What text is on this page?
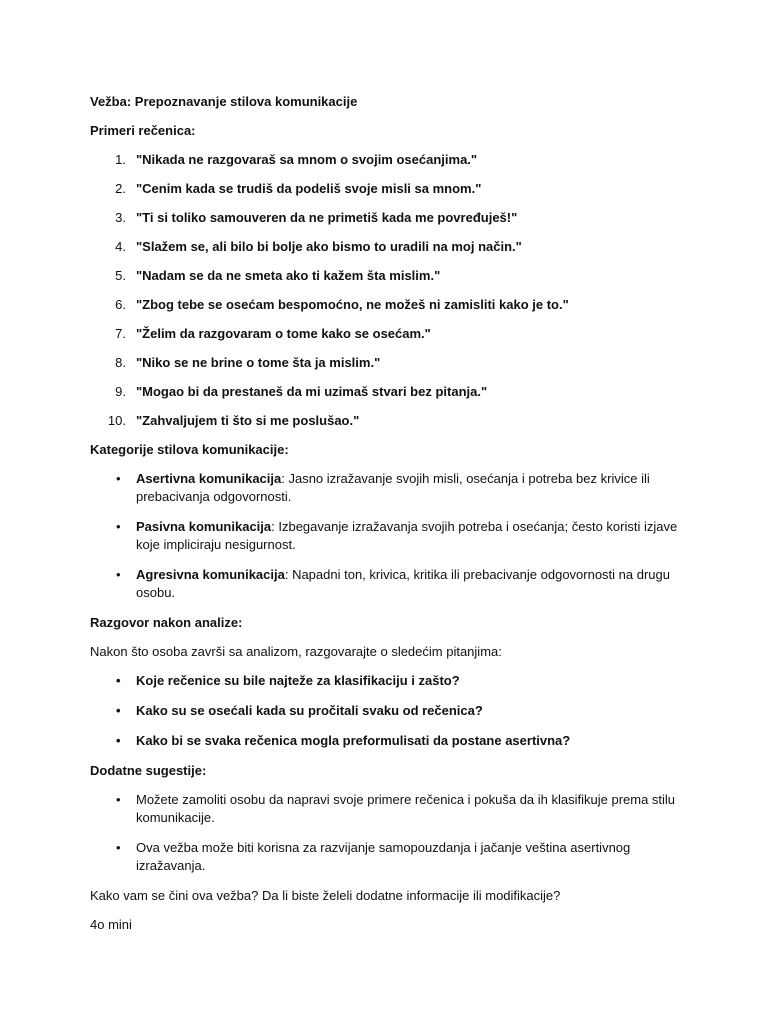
Vežba: Prepoznavanje stilova komunikacije

Primeri rečenica:

1. "Nikada ne razgovaraš sa mnom o svojim osećanjima."
2. "Cenim kada se trudiš da podeliš svoje misli sa mnom."
3. "Ti si toliko samouveren da ne primetiš kada me povređuješ!"
4. "Slažem se, ali bilo bi bolje ako bismo to uradili na moj način."
5. "Nadam se da ne smeta ako ti kažem šta mislim."
6. "Zbog tebe se osećam bespomoćno, ne možeš ni zamisliti kako je to."
7. "Želim da razgovaram o tome kako se osećam."
8. "Niko se ne brine o tome šta ja mislim."
9. "Mogao bi da prestaneš da mi uzimaš stvari bez pitanja."
10. "Zahvaljujem ti što si me poslušao."

Kategorije stilova komunikacije:

• Asertivna komunikacija: Jasno izražavanje svojih misli, osećanja i potreba bez krivice ili prebacivanja odgovornosti.
• Pasivna komunikacija: Izbegavanje izražavanja svojih potreba i osećanja; često koristi izjave koje impliciraju nesigurnost.
• Agresivna komunikacija: Napadni ton, krivica, kritika ili prebacivanje odgovornosti na drugu osobu.

Razgovor nakon analize:

Nakon što osoba završi sa analizom, razgovarajte o sledećim pitanjima:

• Koje rečenice su bile najteže za klasifikaciju i zašto?
• Kako su se osećali kada su pročitali svaku od rečenica?
• Kako bi se svaka rečenica mogla preformulisati da postane asertivna?

Dodatne sugestije:

• Možete zamoliti osobu da napravi svoje primere rečenica i pokuša da ih klasifikuje prema stilu komunikacije.
• Ova vežba može biti korisna za razvijanje samopouzdanja i jačanje veština asertivnog izražavanja.

Kako vam se čini ova vežba? Da li biste želeli dodatne informacije ili modifikacije?

4o mini
